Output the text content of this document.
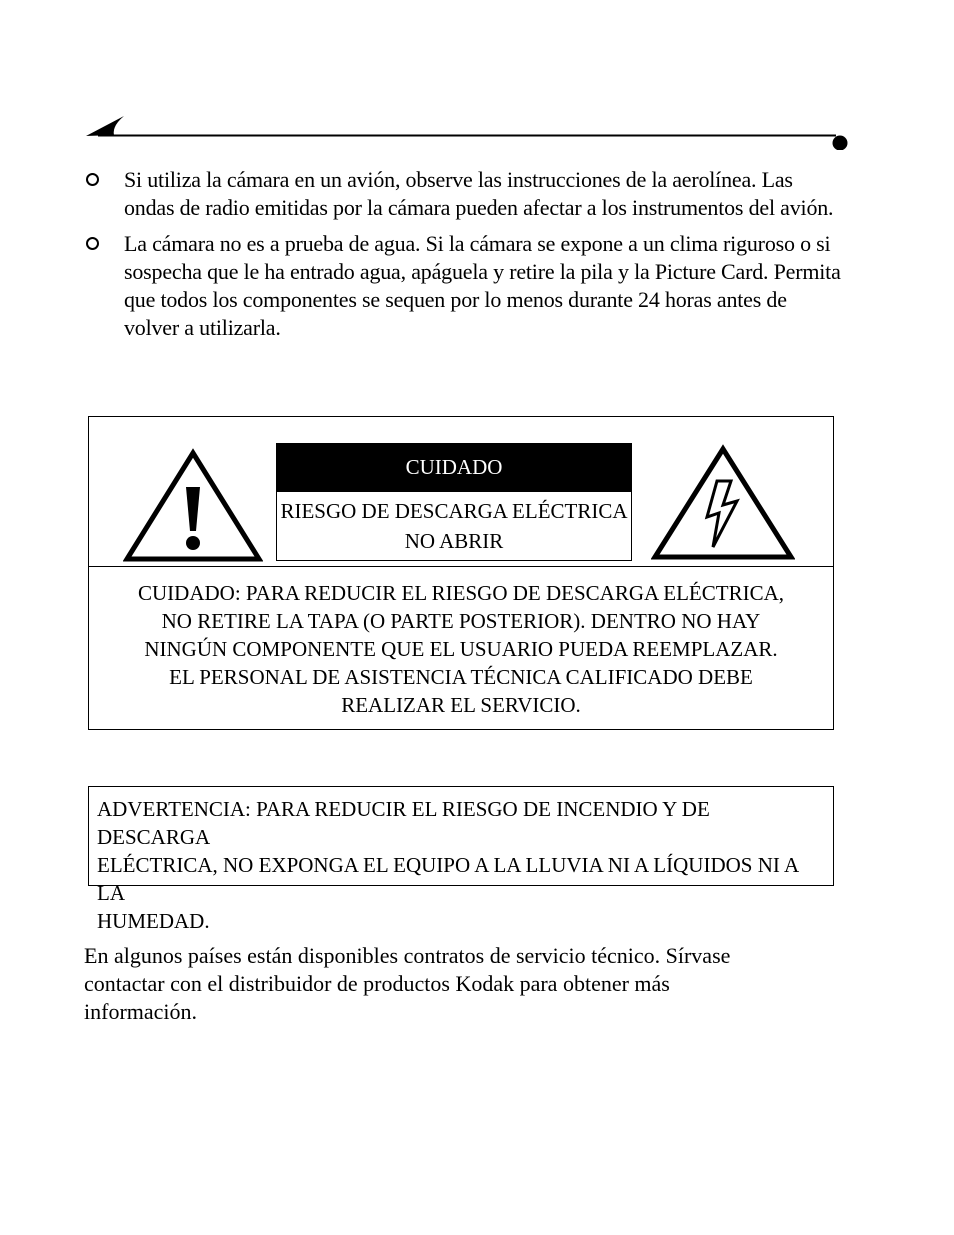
Si utiliza la cámara en un avión, observe las instrucciones de la aerolínea. Las ondas de radio emitidas por la cámara pueden afectar a los instrumentos del avión.
La cámara no es a prueba de agua. Si la cámara se expone a un clima riguroso o si sospecha que le ha entrado agua, apáguela y retire la pila y la Picture Card. Permita que todos los componentes se sequen por lo menos durante 24 horas antes de volver a utilizarla.
CUIDADO
RIESGO DE DESCARGA ELÉCTRICA
NO ABRIR
CUIDADO: PARA REDUCIR EL RIESGO DE DESCARGA ELÉCTRICA,
NO RETIRE LA TAPA (O PARTE POSTERIOR). DENTRO NO HAY
NINGÚN COMPONENTE QUE EL USUARIO PUEDA REEMPLAZAR.
EL PERSONAL DE ASISTENCIA TÉCNICA CALIFICADO DEBE
REALIZAR EL SERVICIO.
ADVERTENCIA: PARA REDUCIR EL RIESGO DE INCENDIO Y DE DESCARGA
ELÉCTRICA, NO EXPONGA EL EQUIPO A LA LLUVIA NI A LÍQUIDOS NI A LA
HUMEDAD.
En algunos países están disponibles contratos de servicio técnico. Sírvase
contactar con el distribuidor de productos Kodak para obtener más
información.
